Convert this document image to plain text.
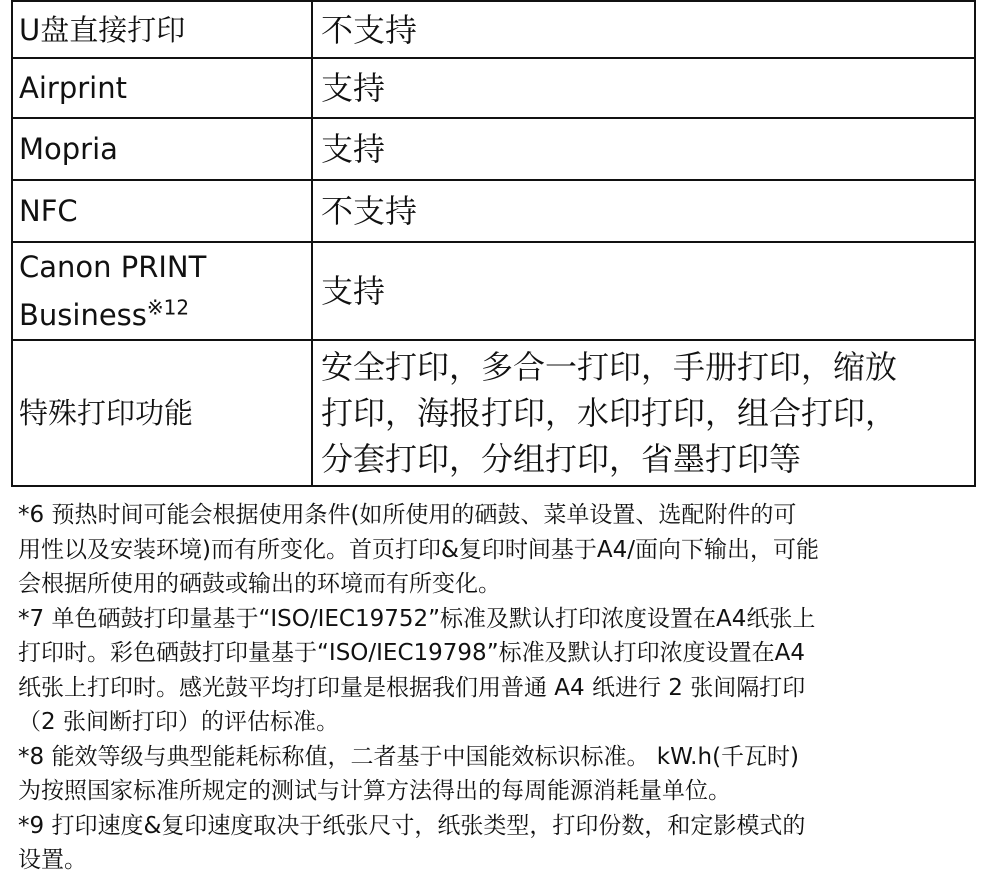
U盘直接打印	不支持
Airprint	支持
Mopria	支持
NFC	不支持

Canon PRINT
Business$^{※12}$	支持
特殊打印功能	安全打印，多合一打印，手册打印，缩放
打印，海报打印，水印打印，组合打印，
分套打印，分组打印，省墨打印等

*6 预热时间可能会根据使用条件(如所使用的硒鼓、菜单设置、选配附件的可

用性以及安装环境)而有所变化。首页打印&复印时间基于A4/面向下输出，可能

会根据所使用的硒鼓或输出的环境而有所变化。

*7 单色硒鼓打印量基于“ISO/IEC19752”标准及默认打印浓度设置在A4纸张上

打印时。彩色硒鼓打印量基于“ISO/IEC19798”标准及默认打印浓度设置在A4

纸张上打印时。感光鼓平均打印量是根据我们用普通 A4 纸进行 2 张间隔打印

（2 张间断打印）的评估标准。

*8 能效等级与典型能耗标称值，二者基于中国能效标识标准。 kW.h(千瓦时)

为按照国家标准所规定的测试与计算方法得出的每周能源消耗量单位。

*9 打印速度&复印速度取决于纸张尺寸，纸张类型，打印份数，和定影模式的

设置。
